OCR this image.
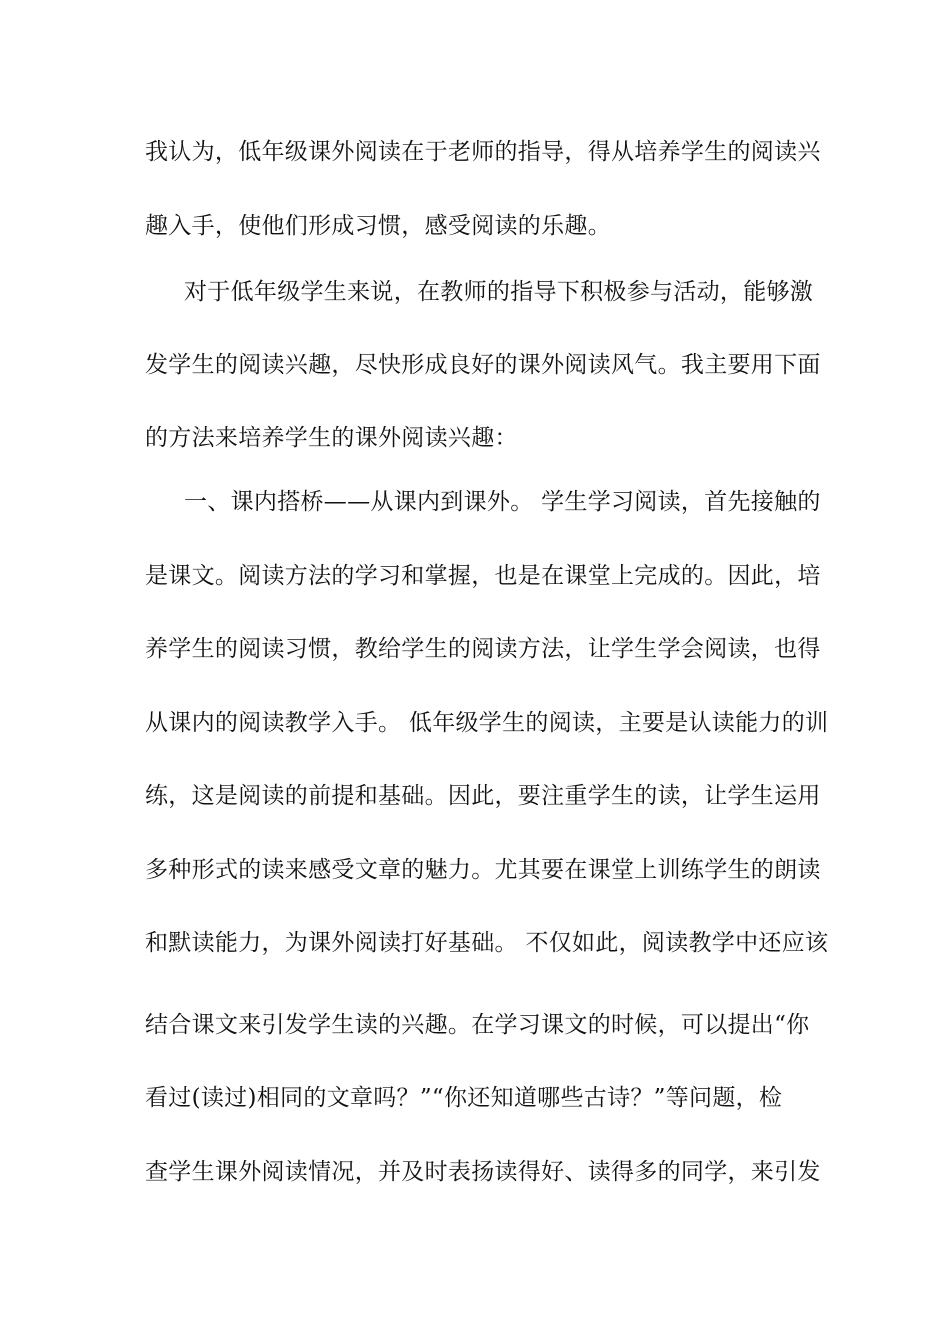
我认为，低年级课外阅读在于老师的指导，得从培养学生的阅读兴
趣入手，使他们形成习惯，感受阅读的乐趣。
对于低年级学生来说，在教师的指导下积极参与活动，能够激
发学生的阅读兴趣，尽快形成良好的课外阅读风气。我主要用下面
的方法来培养学生的课外阅读兴趣：
一、课内搭桥——从课内到课外。 学生学习阅读，首先接触的
是课文。阅读方法的学习和掌握，也是在课堂上完成的。因此，培
养学生的阅读习惯，教给学生的阅读方法，让学生学会阅读，也得
从课内的阅读教学入手。 低年级学生的阅读，主要是认读能力的训
练，这是阅读的前提和基础。因此，要注重学生的读，让学生运用
多种形式的读来感受文章的魅力。尤其要在课堂上训练学生的朗读
和默读能力，为课外阅读打好基础。 不仅如此，阅读教学中还应该
结合课文来引发学生读的兴趣。在学习课文的时候，可以提出“你
看过(读过)相同的文章吗？”“你还知道哪些古诗？”等问题，检
查学生课外阅读情况，并及时表扬读得好、读得多的同学，来引发
